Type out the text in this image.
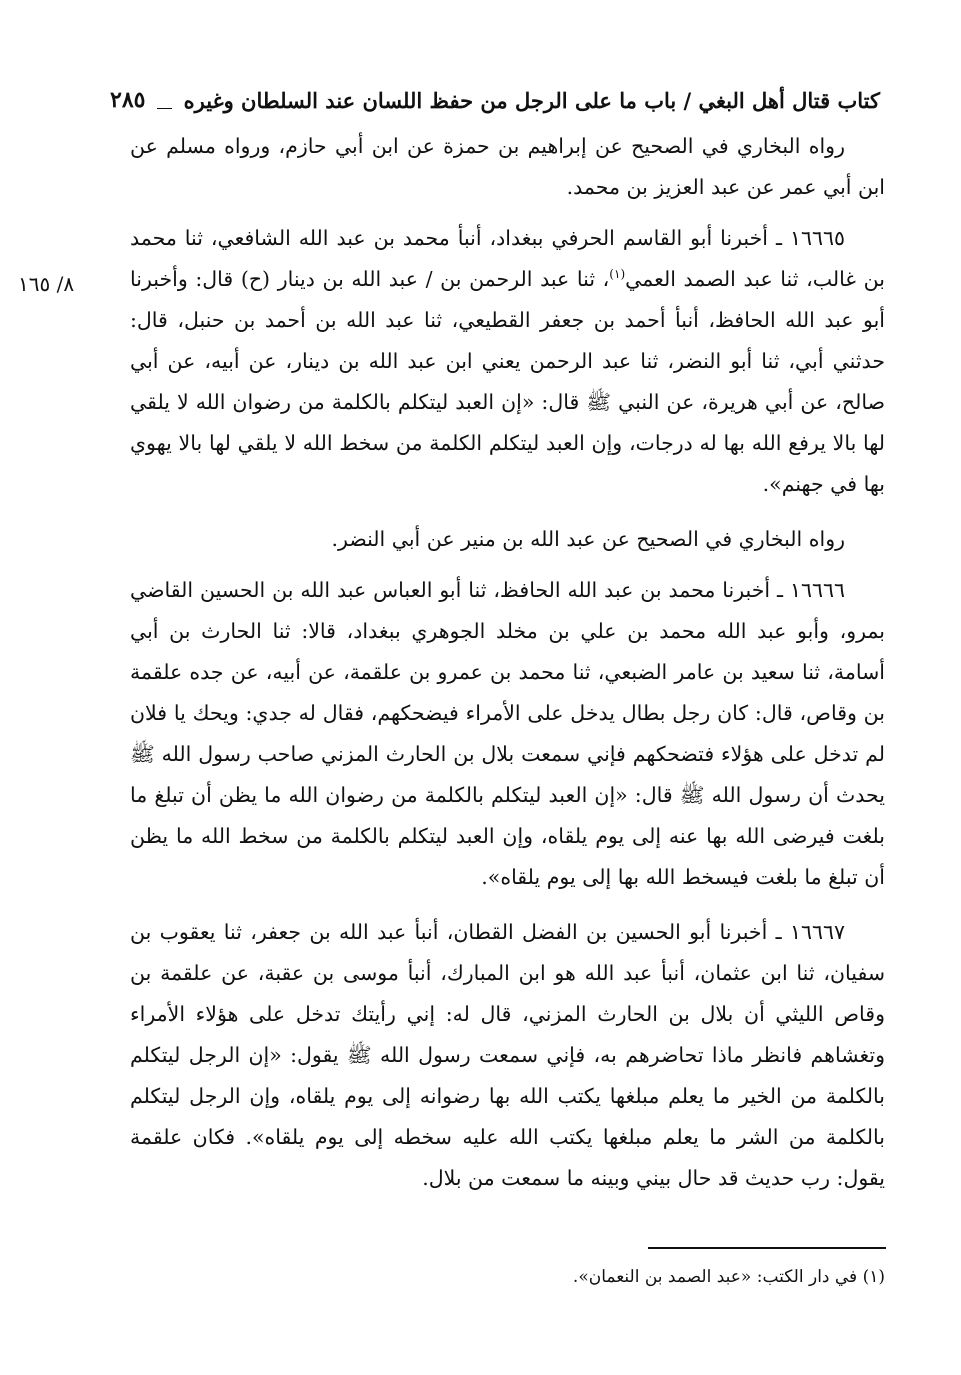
كتاب قتال أهل البغي / باب ما على الرجل من حفظ اللسان عند السلطان وغيره
٢٨٥
٨/ ١٦٥

رواه البخاري في الصحيح عن إبراهيم بن حمزة عن ابن أبي حازم، ورواه مسلم عن ابن أبي عمر عن عبد العزيز بن محمد.

١٦٦٦٥ ـ أخبرنا أبو القاسم الحرفي ببغداد، أنبأ محمد بن عبد الله الشافعي، ثنا محمد بن غالب، ثنا عبد الصمد العمي$^{(١)}$، ثنا عبد الرحمن بن / عبد الله بن دينار (ح) قال: وأخبرنا أبو عبد الله الحافظ، أنبأ أحمد بن جعفر القطيعي، ثنا عبد الله بن أحمد بن حنبل، قال: حدثني أبي، ثنا أبو النضر، ثنا عبد الرحمن يعني ابن عبد الله بن دينار، عن أبيه، عن أبي صالح، عن أبي هريرة، عن النبي ﷺ قال: «إن العبد ليتكلم بالكلمة من رضوان الله لا يلقي لها بالا يرفع الله بها له درجات، وإن العبد ليتكلم الكلمة من سخط الله لا يلقي لها بالا يهوي بها في جهنم».

رواه البخاري في الصحيح عن عبد الله بن منير عن أبي النضر.

١٦٦٦٦ ـ أخبرنا محمد بن عبد الله الحافظ، ثنا أبو العباس عبد الله بن الحسين القاضي بمرو، وأبو عبد الله محمد بن علي بن مخلد الجوهري ببغداد، قالا: ثنا الحارث بن أبي أسامة، ثنا سعيد بن عامر الضبعي، ثنا محمد بن عمرو بن علقمة، عن أبيه، عن جده علقمة بن وقاص، قال: كان رجل بطال يدخل على الأمراء فيضحكهم، فقال له جدي: ويحك يا فلان لم تدخل على هؤلاء فتضحكهم فإني سمعت بلال بن الحارث المزني صاحب رسول الله ﷺ يحدث أن رسول الله ﷺ قال: «إن العبد ليتكلم بالكلمة من رضوان الله ما يظن أن تبلغ ما بلغت فيرضى الله بها عنه إلى يوم يلقاه، وإن العبد ليتكلم بالكلمة من سخط الله ما يظن أن تبلغ ما بلغت فيسخط الله بها إلى يوم يلقاه».

١٦٦٦٧ ـ أخبرنا أبو الحسين بن الفضل القطان، أنبأ عبد الله بن جعفر، ثنا يعقوب بن سفيان، ثنا ابن عثمان، أنبأ عبد الله هو ابن المبارك، أنبأ موسى بن عقبة، عن علقمة بن وقاص الليثي أن بلال بن الحارث المزني، قال له: إني رأيتك تدخل على هؤلاء الأمراء وتغشاهم فانظر ماذا تحاضرهم به، فإني سمعت رسول الله ﷺ يقول: «إن الرجل ليتكلم بالكلمة من الخير ما يعلم مبلغها يكتب الله بها رضوانه إلى يوم يلقاه، وإن الرجل ليتكلم بالكلمة من الشر ما يعلم مبلغها يكتب الله عليه سخطه إلى يوم يلقاه». فكان علقمة يقول: رب حديث قد حال بيني وبينه ما سمعت من بلال.

(١) في دار الكتب: «عبد الصمد بن النعمان».
